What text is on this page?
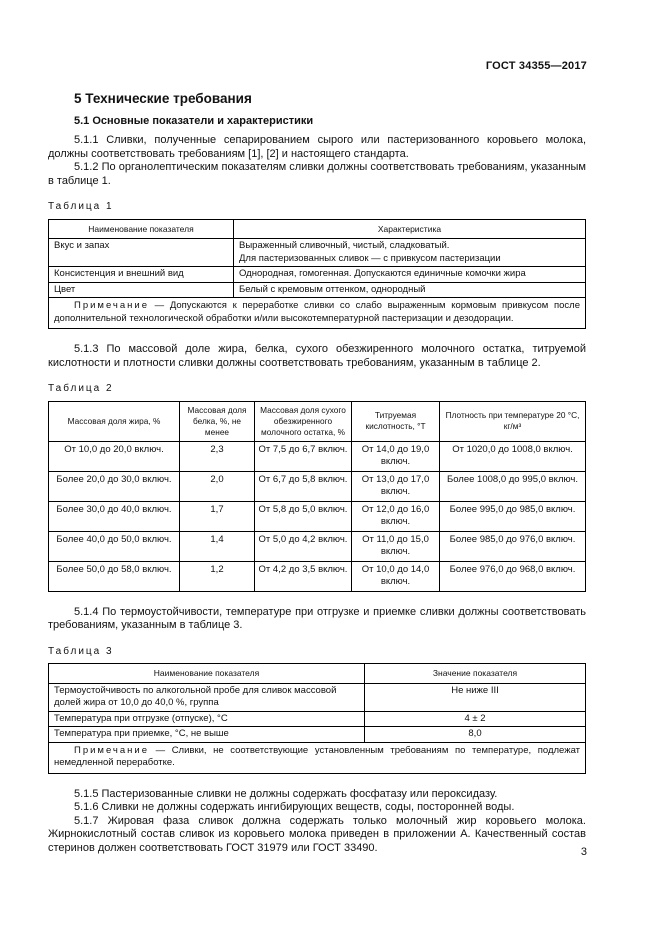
ГОСТ 34355—2017
5 Технические требования
5.1 Основные показатели и характеристики

5.1.1 Сливки, полученные сепарированием сырого или пастеризованного коровьего молока, должны соответствовать требованиям [1], [2] и настоящего стандарта.

5.1.2 По органолептическим показателям сливки должны соответствовать требованиям, указанным в таблице 1.

Таблица 1
Наименование показателя	Характеристика
Вкус и запах	Выраженный сливочный, чистый, сладковатый.
Для пастеризованных сливок — с привкусом пастеризации

Консистенция и внешний вид	Однородная, гомогенная. Допускаются единичные комочки жира
Цвет	Белый с кремовым оттенком, однородный
Примечание — Допускаются к переработке сливки со слабо выраженным кормовым привкусом после дополнительной технологической обработки и/или высокотемпературной пастеризации и дезодорации.	

5.1.3 По массовой доле жира, белка, сухого обезжиренного молочного остатка, титруемой кислотности и плотности сливки должны соответствовать требованиям, указанным в таблице 2.

Таблица 2
Массовая доля жира, %	Массовая доля белка, %, не менее	Массовая доля сухого обезжиренного молочного остатка, %	Титруемая кислотность, °Т	Плотность при температуре 20 °С, кг/м³
От 10,0 до 20,0 включ.	2,3	От 7,5 до 6,7 включ.	От 14,0 до 19,0 включ.	От 1020,0 до 1008,0 включ.
Более 20,0 до 30,0 включ.	2,0	От 6,7 до 5,8 включ.	От 13,0 до 17,0 включ.	Более 1008,0 до 995,0 включ.
Более 30,0 до 40,0 включ.	1,7	От 5,8 до 5,0 включ.	От 12,0 до 16,0 включ.	Более 995,0 до 985,0 включ.
Более 40,0 до 50,0 включ.	1,4	От 5,0 до 4,2 включ.	От 11,0 до 15,0 включ.	Более 985,0 до 976,0 включ.
Более 50,0 до 58,0 включ.	1,2	От 4,2 до 3,5 включ.	От 10,0 до 14,0 включ.	Более 976,0 до 968,0 включ.

5.1.4 По термоустойчивости, температуре при отгрузке и приемке сливки должны соответствовать требованиям, указанным в таблице 3.

Таблица 3
Наименование показателя	Значение показателя
Термоустойчивость по алкогольной пробе для сливок массовой долей жира от 10,0 до 40,0 %, группа	Не ниже III
Температура при отгрузке (отпуске), °С	4 ± 2
Температура при приемке, °С, не выше	8,0
Примечание — Сливки, не соответствующие установленным требованиям по температуре, подлежат немедленной переработке.	

5.1.5 Пастеризованные сливки не должны содержать фосфатазу или пероксидазу.

5.1.6 Сливки не должны содержать ингибирующих веществ, соды, посторонней воды.

5.1.7 Жировая фаза сливок должна содержать только молочный жир коровьего молока. Жирнокислотный состав сливок из коровьего молока приведен в приложении А. Качественный состав стеринов должен соответствовать ГОСТ 31979 или ГОСТ 33490.	3
